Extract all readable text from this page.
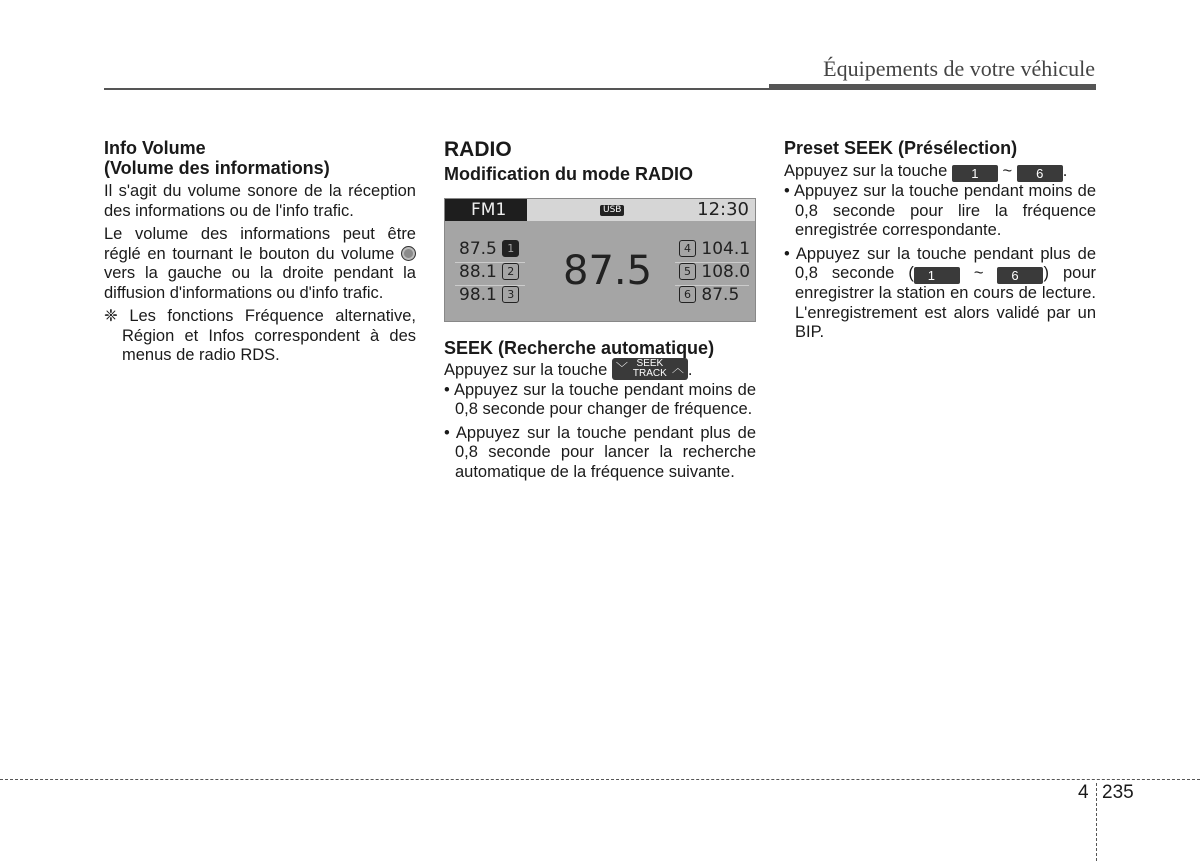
Équipements de votre véhicule
Info Volume
(Volume des informations)

Il s'agit du volume sonore de la réception des informations ou de l'info trafic.

Le volume des informations peut être réglé en tournant le bouton du volume  vers la gauche ou la droite pendant la diffusion d'informations ou d'info trafic.

❈ Les fonctions Fréquence alternative, Région et Infos correspondent à des menus de radio RDS.

RADIO
Modification du mode RADIO
FM1	USB	12:30
87.5 1
88.1 2
98.1 3
87.5	4 104.1
5 108.0
6 87.5
SEEK (Recherche automatique)

Appuyez sur la touche ﹀ SEEK
TRACK ︿ .

• Appuyez sur la touche pendant moins de 0,8 seconde pour changer de fréquence.

• Appuyez sur la touche pendant plus de 0,8 seconde pour lancer la recherche automatique de la fréquence suivante.

Preset SEEK (Présélection)

Appuyez sur la touche 1 ~ 6 .

• Appuyez sur la touche pendant moins de 0,8 seconde pour lire la fréquence enregistrée correspondante.

• Appuyez sur la touche pendant plus de 0,8 seconde ( 1 ~ 6 ) pour enregistrer la station en cours de lecture. L'enregistrement est alors validé par un BIP.

4 235
